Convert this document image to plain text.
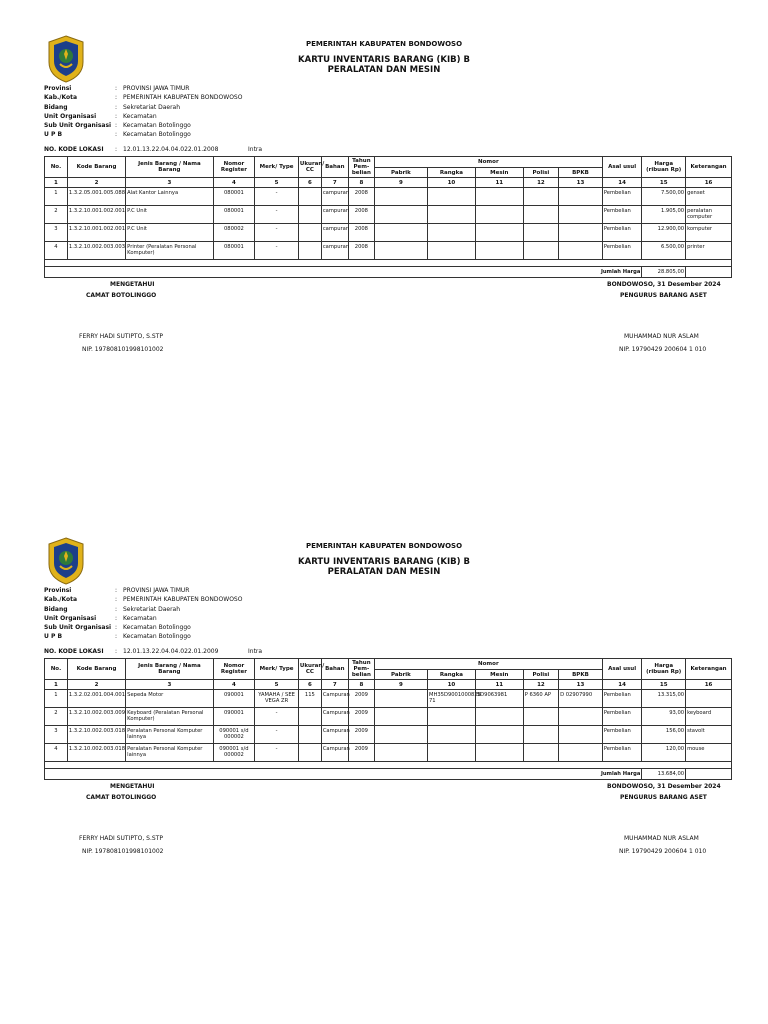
PEMERINTAH KABUPATEN BONDOWOSO
KARTU INVENTARIS BARANG (KIB) B
PERALATAN DAN MESIN
Provinsi	: PROVINSI JAWA TIMUR
Kab./Kota	: PEMERINTAH KABUPATEN BONDOWOSO
Bidang	: Sekretariat Daerah
Unit Organisasi	: Kecamatan
Sub Unit Organisasi : Kecamatan Botolinggo
U P B	: Kecamatan Botolinggo
NO. KODE LOKASI	: 12.01.13.22.04.04.022.01.2008	Intra
No.	Kode Barang	Jenis Barang / Nama Barang	Nomor Register	Merk/ Type	Ukuran/ CC	Bahan	Tahun Pem- belian	Nomor					Asal usul	Harga (ribuan Rp)	Keterangan
								Pabrik	Rangka	Mesin	Polisi	BPKB			
1	2	3	4	5	6	7	8	9	10	11	12	13	14	15	16
1	1.3.2.05.001.005.088	Alat Kantor Lainnya	080001	-		campuran	2008						Pembelian	7.500,00	genset
2	1.3.2.10.001.002.001	P.C Unit	080001	-		campuran	2008						Pembelian	1.905,00	peralatan computer
3	1.3.2.10.001.002.001	P.C Unit	080002	-		campuran	2008						Pembelian	12.900,00	komputer
4	1.3.2.10.002.003.003	Printer (Peralatan Personal Komputer)	080001	-		campuran	2008						Pembelian	6.500,00	printer

Jumlah Harga														28.805,00	
MENGETAHUI
CAMAT BOTOLINGGO
BONDOWOSO, 31 Desember 2024
PENGURUS BARANG ASET
FERRY HADI SUTIPTO, S.STP
NIP. 197808101998101002
MUHAMMAD NUR ASLAM
NIP. 19790429 200604 1 010
PEMERINTAH KABUPATEN BONDOWOSO
KARTU INVENTARIS BARANG (KIB) B
PERALATAN DAN MESIN
Provinsi	: PROVINSI JAWA TIMUR
Kab./Kota	: PEMERINTAH KABUPATEN BONDOWOSO
Bidang	: Sekretariat Daerah
Unit Organisasi	: Kecamatan
Sub Unit Organisasi : Kecamatan Botolinggo
U P B	: Kecamatan Botolinggo
NO. KODE LOKASI	: 12.01.13.22.04.04.022.01.2009	Intra
No.	Kode Barang	Jenis Barang / Nama Barang	Nomor Register	Merk/ Type	Ukuran/ CC	Bahan	Tahun Pem- belian	Nomor					Asal usul	Harga (ribuan Rp)	Keterangan
								Pabrik	Rangka	Mesin	Polisi	BPKB			
1	2	3	4	5	6	7	8	9	10	11	12	13	14	15	16
1	1.3.2.02.001.004.001	Sepeda Motor	090001	YAMAHA / SEE VEGA ZR	115	Campuran	2009		MH35D9001000828 71	5D9063981	P 6360 AP	D 02907990	Pembelian	13.315,00	
2	1.3.2.10.002.003.009	Keyboard (Peralatan Personal Komputer)	090001	-		Campuran	2009						Pembelian	93,00	keyboard
3	1.3.2.10.002.003.018	Peralatan Personal Komputer lainnya	090001 s/d 000002	-		Campuran	2009						Pembelian	156,00	stavolt
4	1.3.2.10.002.003.018	Peralatan Personal Komputer lainnya	090001 s/d 000002	-		Campuran	2009						Pembelian	120,00	mouse

Jumlah Harga														13.684,00	
MENGETAHUI
CAMAT BOTOLINGGO
BONDOWOSO, 31 Desember 2024
PENGURUS BARANG ASET
FERRY HADI SUTIPTO, S.STP
NIP. 197808101998101002
MUHAMMAD NUR ASLAM
NIP. 19790429 200604 1 010
